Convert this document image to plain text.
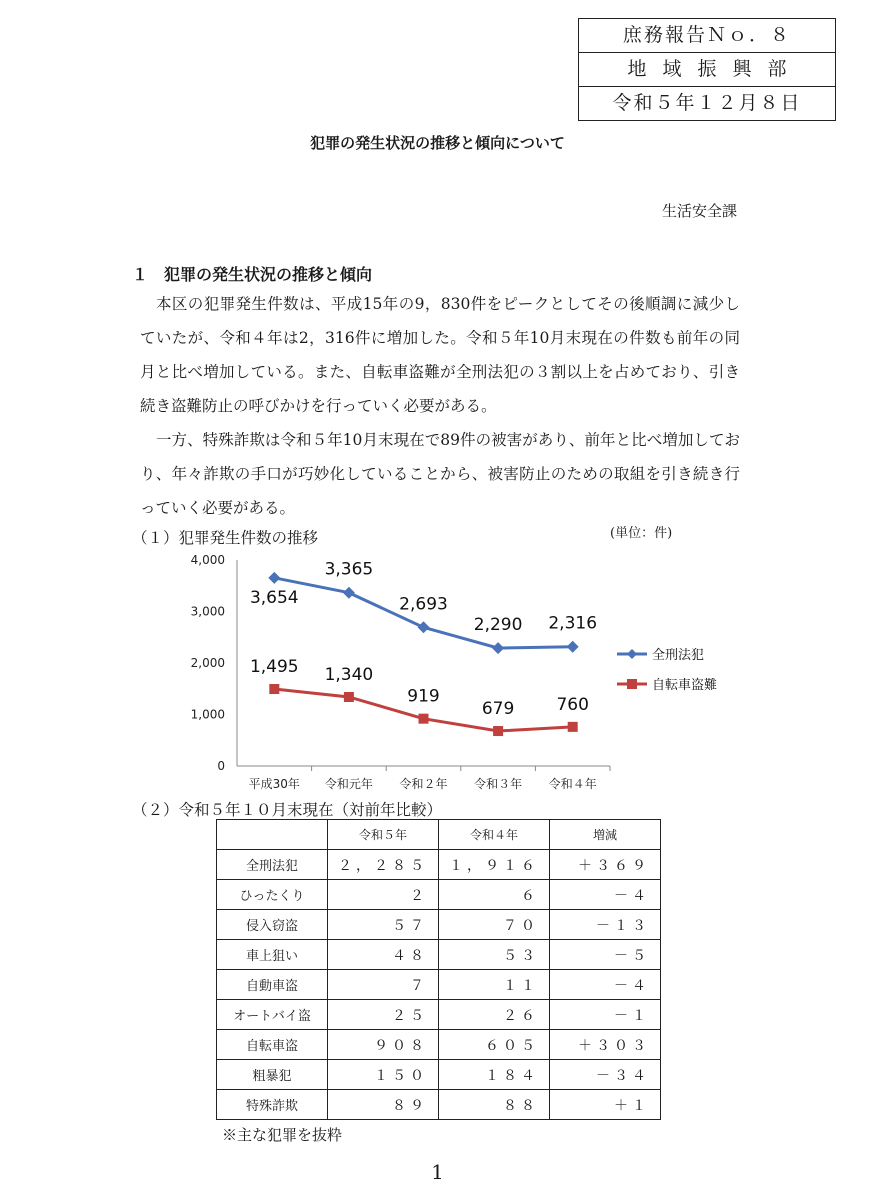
庶務報告Ｎｏ．８
地域振興部
令和５年１２月８日
犯罪の発生状況の推移と傾向について
生活安全課
１　犯罪の発生状況の推移と傾向
本区の犯罪発生件数は、平成15年の9，830件をピークとしてその後順調に減少していたが、令和４年は2，316件に増加した。令和５年10月末現在の件数も前年の同月と比べ増加している。また、自転車盗難が全刑法犯の３割以上を占めており、引き続き盗難防止の呼びかけを行っていく必要がある。
一方、特殊詐欺は令和５年10月末現在で89件の被害があり、前年と比べ増加しており、年々詐欺の手口が巧妙化していることから、被害防止のための取組を引き続き行っていく必要がある。
（１）犯罪発生件数の推移	(単位：件)
0
1,000
2,000
3,000
4,000
平成30年 令和元年 令和２年 令和３年 令和４年
3,654
3,365
2,693
2,290 2,316
1,495 1,340
919
679 760
全刑法犯
自転車盗難
（２）令和５年１０月末現在（対前年比較）
	令和５年	令和４年	増減
全刑法犯	２，２８５	１，９１６	＋３６９
ひったくり	２	６	－４
侵入窃盗	５７	７０	－１３
車上狙い	４８	５３	－５
自動車盗	７	１１	－４
オートバイ盗	２５	２６	－１
自転車盗	９０８	６０５	＋３０３
粗暴犯	１５０	１８４	－３４
特殊詐欺	８９	８８	＋１
※主な犯罪を抜粋
1
